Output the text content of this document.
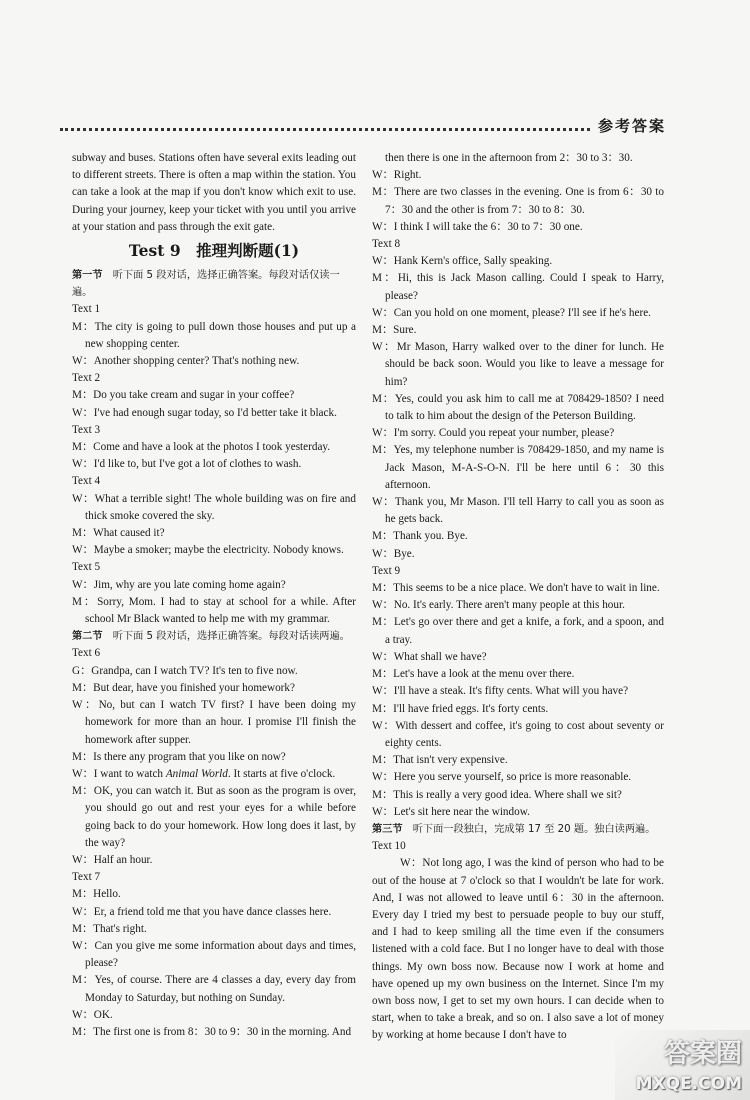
参考答案

subway and buses. Stations often have several exits leading out to different streets. There is often a map within the station. You can take a look at the map if you don't know which exit to use. During your journey, keep your ticket with you until you arrive at your station and pass through the exit gate.

Test 9　推理判断题(1)

第一节　 听下面 5 段对话，选择正确答案。每段对话仅读一遍。

Text 1

M：The city is going to pull down those houses and put up a new shopping center.

W：Another shopping center? That's nothing new.

Text 2

M：Do you take cream and sugar in your coffee?

W：I've had enough sugar today, so I'd better take it black.

Text 3

M：Come and have a look at the photos I took yesterday.

W：I'd like to, but I've got a lot of clothes to wash.

Text 4

W：What a terrible sight! The whole building was on fire and thick smoke covered the sky.

M：What caused it?

W：Maybe a smoker; maybe the electricity. Nobody knows.

Text 5

W：Jim, why are you late coming home again?

M：Sorry, Mom. I had to stay at school for a while. After school Mr Black wanted to help me with my grammar.

第二节　 听下面 5 段对话，选择正确答案。每段对话读两遍。

Text 6

G：Grandpa, can I watch TV? It's ten to five now.

M：But dear, have you finished your homework?

W：No, but can I watch TV first? I have been doing my homework for more than an hour. I promise I'll finish the homework after supper.

M：Is there any program that you like on now?

W：I want to watch Animal World. It starts at five o'clock.

M：OK, you can watch it. But as soon as the program is over, you should go out and rest your eyes for a while before going back to do your homework. How long does it last, by the way?

W：Half an hour.

Text 7

M：Hello.

W：Er, a friend told me that you have dance classes here.

M：That's right.

W：Can you give me some information about days and times, please?

M：Yes, of course. There are 4 classes a day, every day from Monday to Saturday, but nothing on Sunday.

W：OK.

M：The first one is from 8：30 to 9：30 in the morning. And

then there is one in the afternoon from 2：30 to 3：30.

W：Right.

M：There are two classes in the evening. One is from 6：30 to 7：30 and the other is from 7：30 to 8：30.

W：I think I will take the 6：30 to 7：30 one.

Text 8

W：Hank Kern's office, Sally speaking.

M：Hi, this is Jack Mason calling. Could I speak to Harry, please?

W：Can you hold on one moment, please? I'll see if he's here.

M：Sure.

W：Mr Mason, Harry walked over to the diner for lunch. He should be back soon. Would you like to leave a message for him?

M：Yes, could you ask him to call me at 708429-1850? I need to talk to him about the design of the Peterson Building.

W：I'm sorry. Could you repeat your number, please?

M：Yes, my telephone number is 708429-1850, and my name is Jack Mason, M-A-S-O-N. I'll be here until 6：30 this afternoon.

W：Thank you, Mr Mason. I'll tell Harry to call you as soon as he gets back.

M：Thank you. Bye.

W：Bye.

Text 9

M：This seems to be a nice place. We don't have to wait in line.

W：No. It's early. There aren't many people at this hour.

M：Let's go over there and get a knife, a fork, and a spoon, and a tray.

W：What shall we have?

M：Let's have a look at the menu over there.

W：I'll have a steak. It's fifty cents. What will you have?

M：I'll have fried eggs. It's forty cents.

W：With dessert and coffee, it's going to cost about seventy or eighty cents.

M：That isn't very expensive.

W：Here you serve yourself, so price is more reasonable.

M：This is really a very good idea. Where shall we sit?

W：Let's sit here near the window.

第三节　 听下面一段独白，完成第 17 至 20 题。独白读两遍。

Text 10

W：Not long ago, I was the kind of person who had to be out of the house at 7 o'clock so that I wouldn't be late for work. And, I was not allowed to leave until 6：30 in the afternoon. Every day I tried my best to persuade people to buy our stuff, and I had to keep smiling all the time even if the consumers listened with a cold face. But I no longer have to deal with those things. My own boss now. Because now I work at home and have opened up my own business on the Internet. Since I'm my own boss now, I get to set my own hours. I can decide when to start, when to take a break, and so on. I also save a lot of money by working at home because I don't have to

答案圈
MXQE.COM
